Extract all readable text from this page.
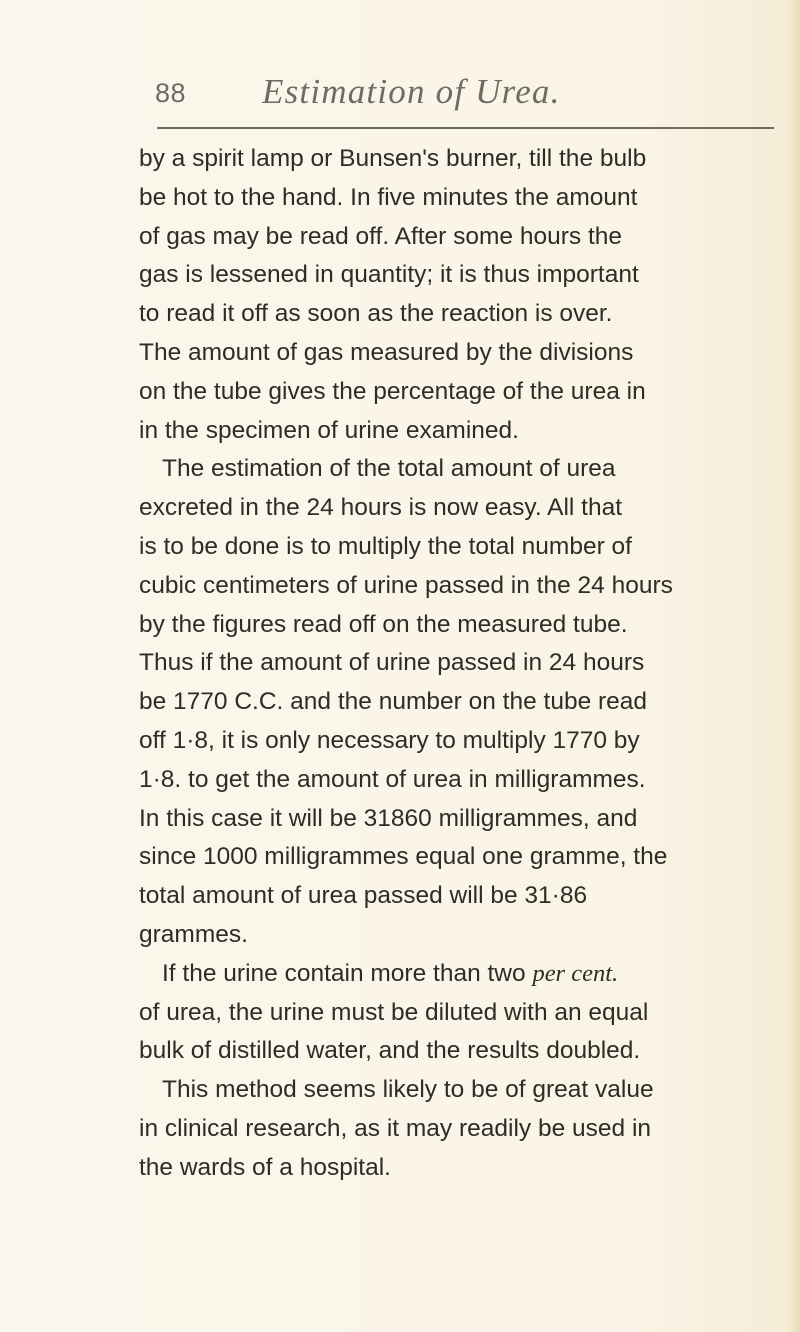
88 Estimation of Urea.
by a spirit lamp or Bunsen's burner, till the bulb
be hot to the hand. In five minutes the amount
of gas may be read off. After some hours the
gas is lessened in quantity; it is thus important
to read it off as soon as the reaction is over.
The amount of gas measured by the divisions
on the tube gives the percentage of the urea in
in the specimen of urine examined.
The estimation of the total amount of urea
excreted in the 24 hours is now easy. All that
is to be done is to multiply the total number of
cubic centimeters of urine passed in the 24 hours
by the figures read off on the measured tube.
Thus if the amount of urine passed in 24 hours
be 1770 C.C. and the number on the tube read
off 1·8, it is only necessary to multiply 1770 by
1·8. to get the amount of urea in milligrammes.
In this case it will be 31860 milligrammes, and
since 1000 milligrammes equal one gramme, the
total amount of urea passed will be 31·86
grammes.
If the urine contain more than two per cent.
of urea, the urine must be diluted with an equal
bulk of distilled water, and the results doubled.
This method seems likely to be of great value
in clinical research, as it may readily be used in
the wards of a hospital.
